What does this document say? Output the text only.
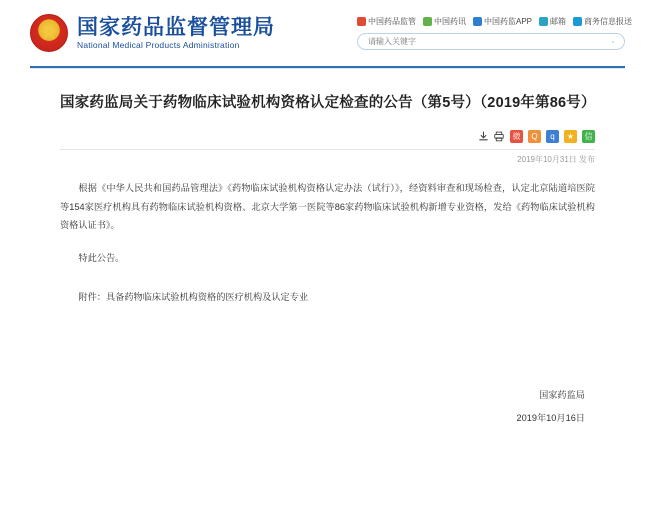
国家药品监督管理局
National Medical Products Administration
中国药品监管 中国药讯 中国药监APP 邮箱 商务信息报送
请输入关键字
国家药监局关于药物临床试验机构资格认定检查的公告（第5号）（2019年第86号）
微	Q	q	★	信
2019年10月31日 发布

根据《中华人民共和国药品管理法》《药物临床试验机构资格认定办法（试行）》，经资料审查和现场检查，认定北京陆道培医院等154家医疗机构具有药物临床试验机构资格、北京大学第一医院等86家药物临床试验机构新增专业资格，发给《药物临床试验机构资格认证书》。

特此公告。

附件：具备药物临床试验机构资格的医疗机构及认定专业
国家药监局
2019年10月16日
